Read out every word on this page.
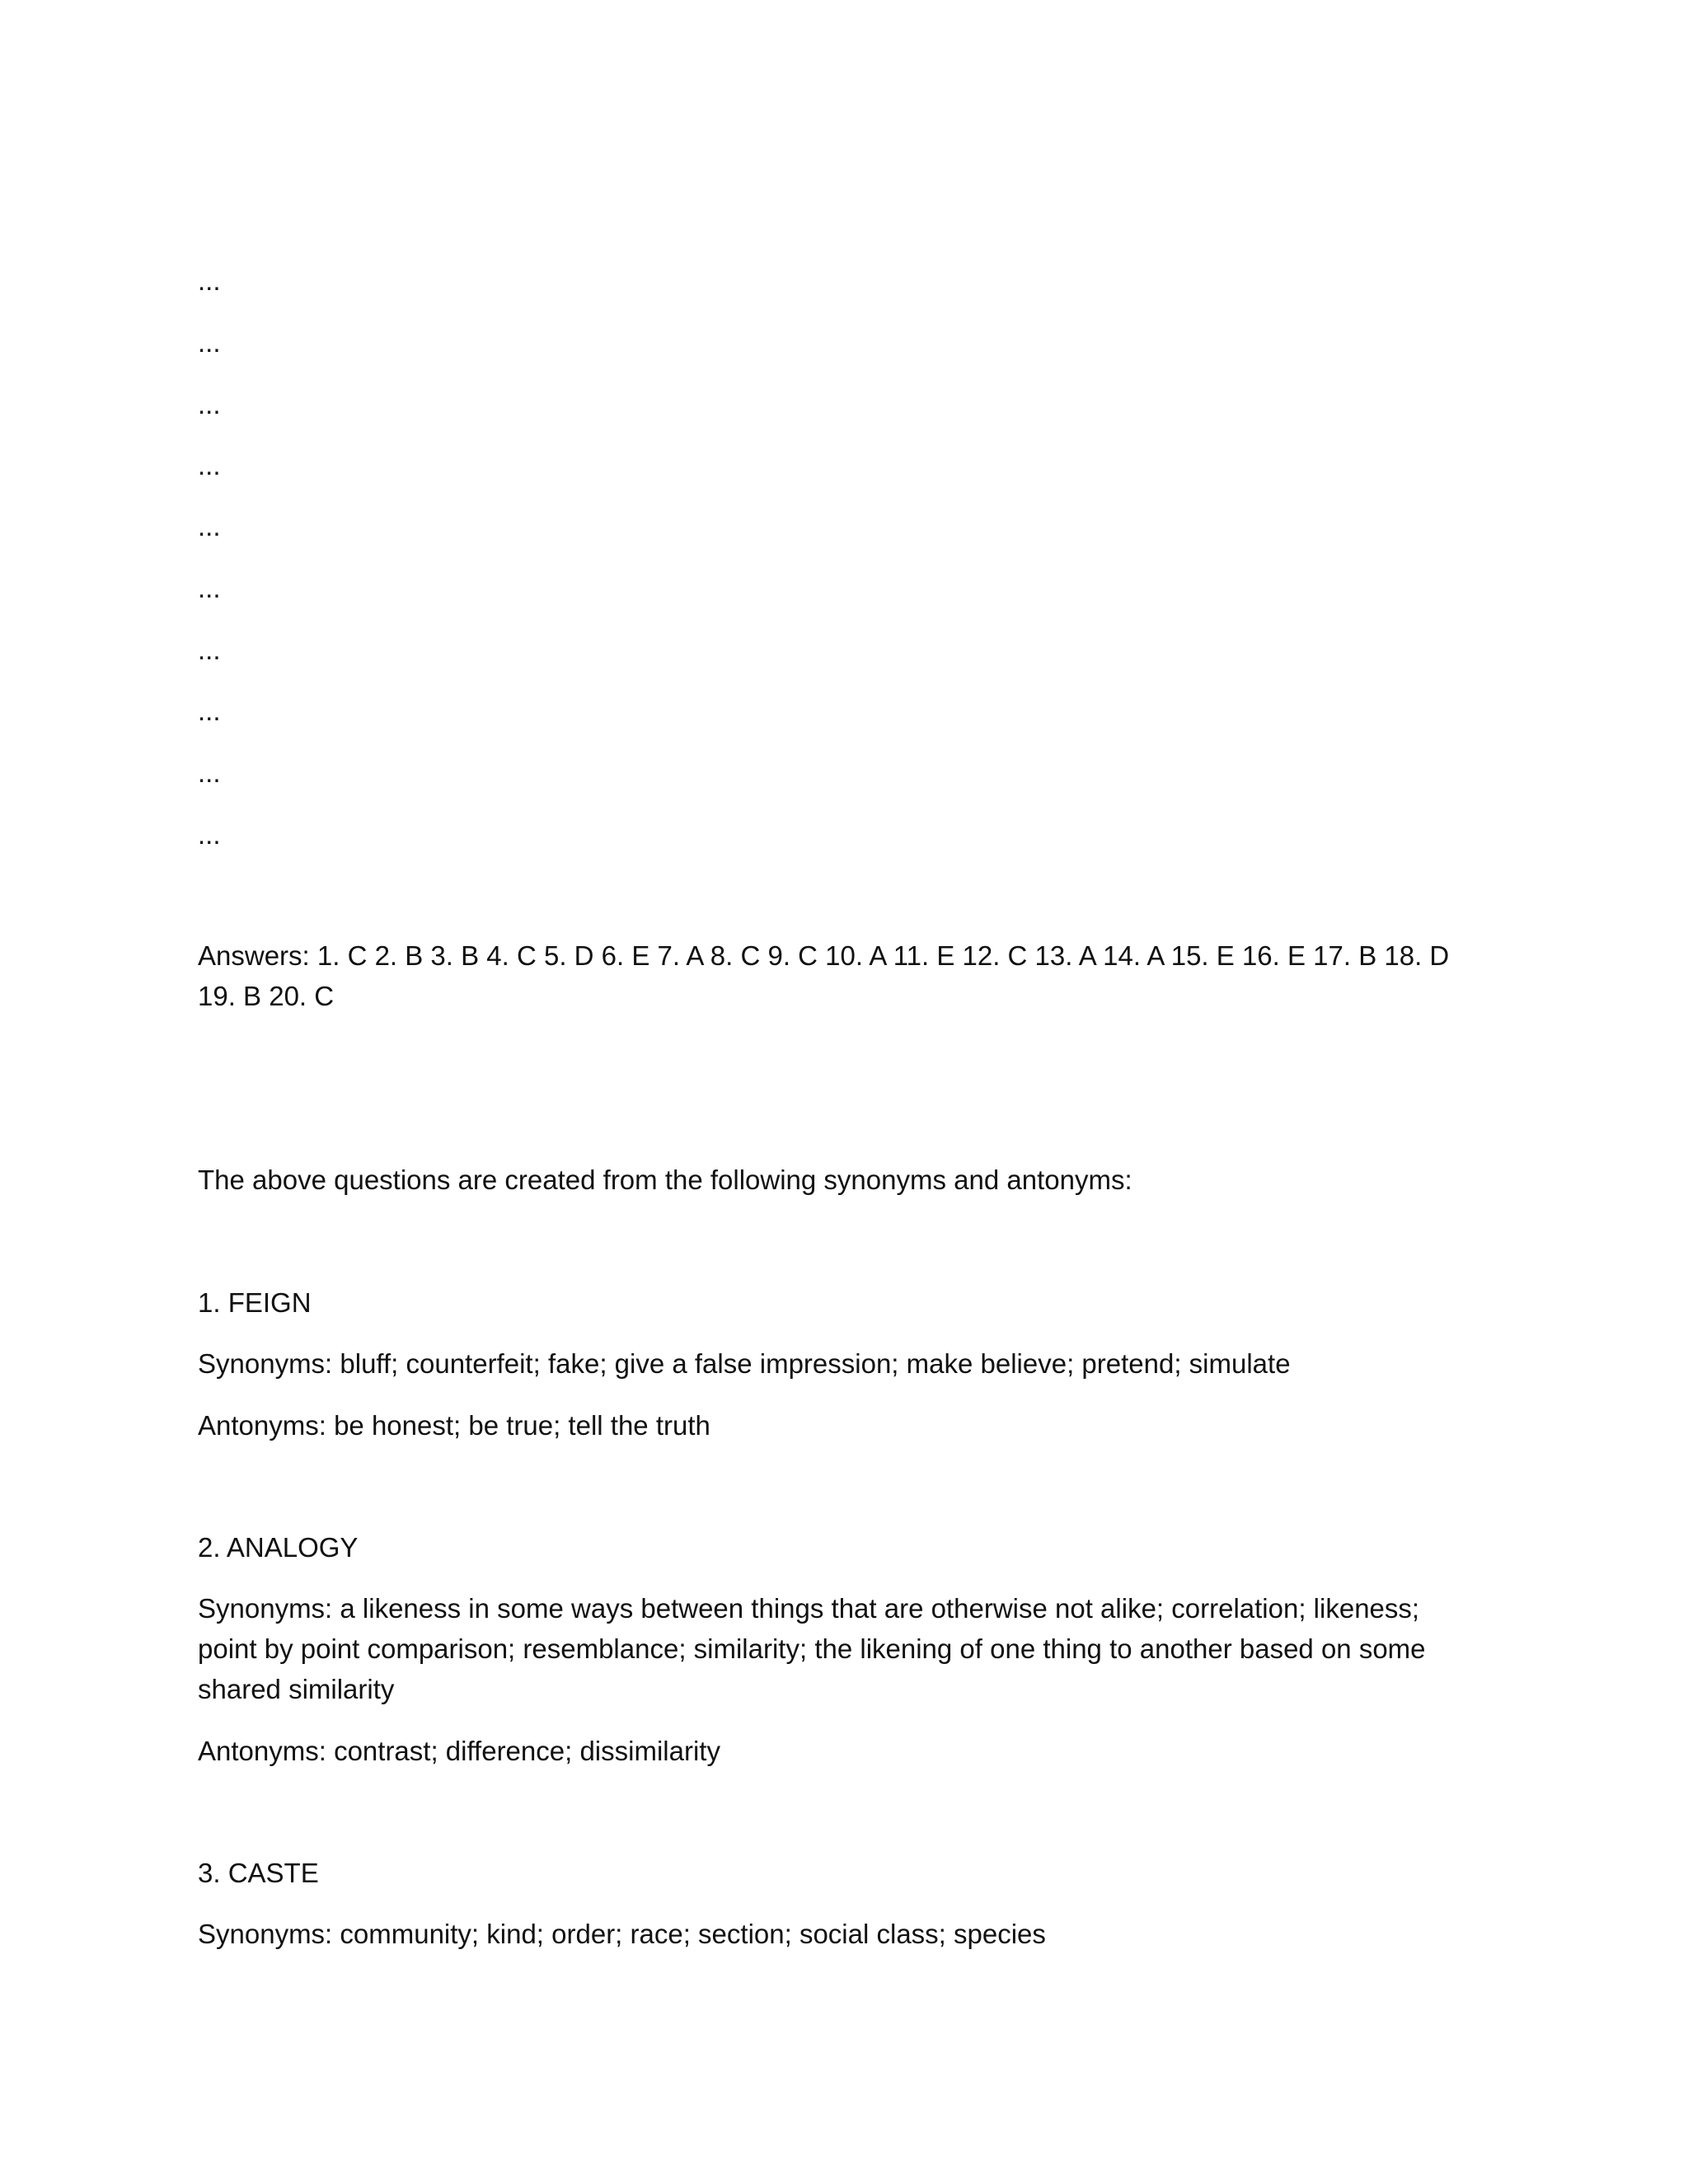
...
...
...
...
...
...
...
...
...
...
Answers: 1. C 2. B 3. B 4. C 5. D 6. E 7. A 8. C 9. C 10. A 11. E 12. C 13. A 14. A 15. E 16. E 17. B 18. D 19. B 20. C
The above questions are created from the following synonyms and antonyms:
1. FEIGN
Synonyms: bluff; counterfeit; fake; give a false impression; make believe; pretend; simulate
Antonyms: be honest; be true; tell the truth
2. ANALOGY
Synonyms: a likeness in some ways between things that are otherwise not alike; correlation; likeness; point by point comparison; resemblance; similarity; the likening of one thing to another based on some shared similarity
Antonyms: contrast; difference; dissimilarity
3. CASTE
Synonyms: community; kind; order; race; section; social class; species
